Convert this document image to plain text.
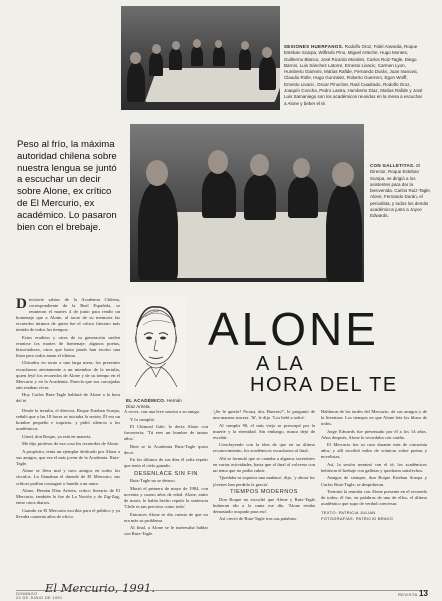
SESIONES HUERFANOS. Rodolfo Oroz, Fidel Araneda, Roque Esteban Scarpa, Wilfredo Pino, Miguel Arteche, Hugo Montes, Guillermo Blanco, José Ricardo Morales, Carlos Ruiz-Tagle, Diego Barros, Luis Sánchez Latorre, Ernesto Livacic, Carmen Lyon, Humberto Giannini, Matías Rafide, Fernando Durán, Juan Ivanovic, Claudio Rolle, Hugo Gonzalez, Roberto Guerrero, Egon Wolff, Ernesto Livacic, Oscar Pinochet, Raúl Cuadrado, Rodolfo Oroz, Joaquín Concha, Pedro Lastra, Humberto Díaz, Matías Rafide y José Luis Samaniego son los académicos reunidos en la mesa a escuchar a Alone y beber el té.
Peso al frío, la máxima autoridad chilena sobre nuestra lengua se juntó a escuchar un decir sobre Alone, ex crítico de El Mercurio, ex académico. Lo pasaron bien con el brebaje.
CON GALLETITAS. El Director, Roque Esteban Scarpa, se dirigió a los asistentes para dar la bienvenida. Carlos Ruiz-Tagle, Alone, Fernando Durán, el periodista, y todos los demás académicos junto a Joyce Edwards.

Diecisiete sabios de la Academia Chilena, correspondiente de la Real Española, se reunieron el martes 4 de junio para rendir un homenaje que a Alone, al sacar de su memoria las recuerdos intimos de quien fue el crítico literario más temido de todos los tiempos.

Estos eruditos y otros de tu generación suelen reunirse los martes de homenaje; algunos poetas, historiadores, otros que hasta jamás han escrito una línea pero todos aman el idioma.

Ubicados en torno a una larga mesa, los presentes escucharon atentamente a un miembro de la tertulia, quien leyó los recuerdos de Alone y de su tiempo en el Mercurio y en la Academia. Parecía que sus carcajadas aún estaban vivas.

Hoy Carlos Ruiz-Tagle hablará de Alone a la hora del té.

Desde la tertulia, el director, Roque Esteban Scarpa, señaló que a las 18 horas se iniciaba la sesión. Él era un hombre pequeño e inquieto, y pidió silencio a los académicos.

Usted, don Roque, ya está en materia.

Me dijo profesor de esa cosa los recuerdos de Alone.

A propósito, tenía un ejemplar dedicado por Alone a sus amigos, que era el más joven de la Academia. Ruiz-Tagle.

Alone se lleva mal y tuvo amigos en todos los círculos. Lo llamaban el duende de El Mercurio; sus críticas podían consagrar o hundir a un autor.

Alone, Hernán Díaz Arrieta, crítico literario de El Mercurio, también lo fue de La Nación y de Zig-Zag, entre otros diarios.

Cuando en El Mercurio escribía para el público y ya llevaba cuarenta años de oficio.

EL ACADÉMICO. Hernán Díaz Arrieta.
ALONE
A LA
HORA DEL TE

A veces, con una leve sonrisa a su amigo.

Y lo cumplió.

El Chimoal Gale, le decía Alone con frecuencia; 'Tú eres un hombre de tantos años.'

Bien se la Academia Ruiz-Tagle quiso decir.

En los últimos de sus días él solía repetir que tenía el cielo ganado.

DESENLACE SIN FIN

Ruiz-Tagle no se detuvo.

Murió el primero de mayo de 1984, con noventa y cuatro años de edad. Alone, antes de morir, le había hecho repetir la sentencia 'Chile es tan precioso como todo'.

Entonces Alone se dio cuenta de que no era más su problema.

Al final, a Alone se le interesaba hablar con Ruiz-Tagle.

'¿Se le quería? Proust, dos Huertos?', le preguntó de una manera sincera. 'Sí', le dijo. 'Los bebí a todos'.

Al cumplir 90, el más viejo se preocupó por la muerte y la eternidad. Sin embargo, nunca dejó de escribir.

Concluyendo con la idea de que en su último reconocimiento, los académicos escucharon al final.

Ahí se formuló que se cantaba a algunos sacerdotes en varias actividades, hasta que al final al volverse con un tema que no podía cubrir.

'Quedaba ni siquiera una mañana', dijo, 'y ahora los jóvenes han perdido la gracia'.

TIEMPOS MODERNOS

Don Roque no escuchó que Alone y Ruiz-Tagle hubieran ido a la cama ese día. 'Alone estaba demasiado ocupado para eso'.

Así creció de Ruiz-Tagle tras sus palabras.

Hablaron de las tardes del Mercurio, de sus amigos y de la literatura. Los tiempos en que Alone leía los libros de todos.

Jorge Edwards fue presentado por él a los 14 años. Años después, Alone lo recordaba con cariño.

El Mercurio fue su casa durante más de cincuenta años, y allí escribió miles de crónicas sobre poetas y novelistas.

Así, la sesión terminó con el té, los académicos bebieron el brebaje con galletas y quedaron satisfechos.

Amigos de siempre, don Roque Esteban Scarpa y Carlos Ruiz-Tagle, se despidieron.

Terminó la reunión con Alone presente en el recuerdo de todos; él fue, en palabras de uno de ellos, el último académico que supo de verdad conversar.

TEXTO: PATRICIA JULIAN
FOTOGRAFÍAS: PATRICIO BRAVO
DOMINGO
23 DE JUNIO DE 1991
El Mercurio, 1991.	REVISTA 13
